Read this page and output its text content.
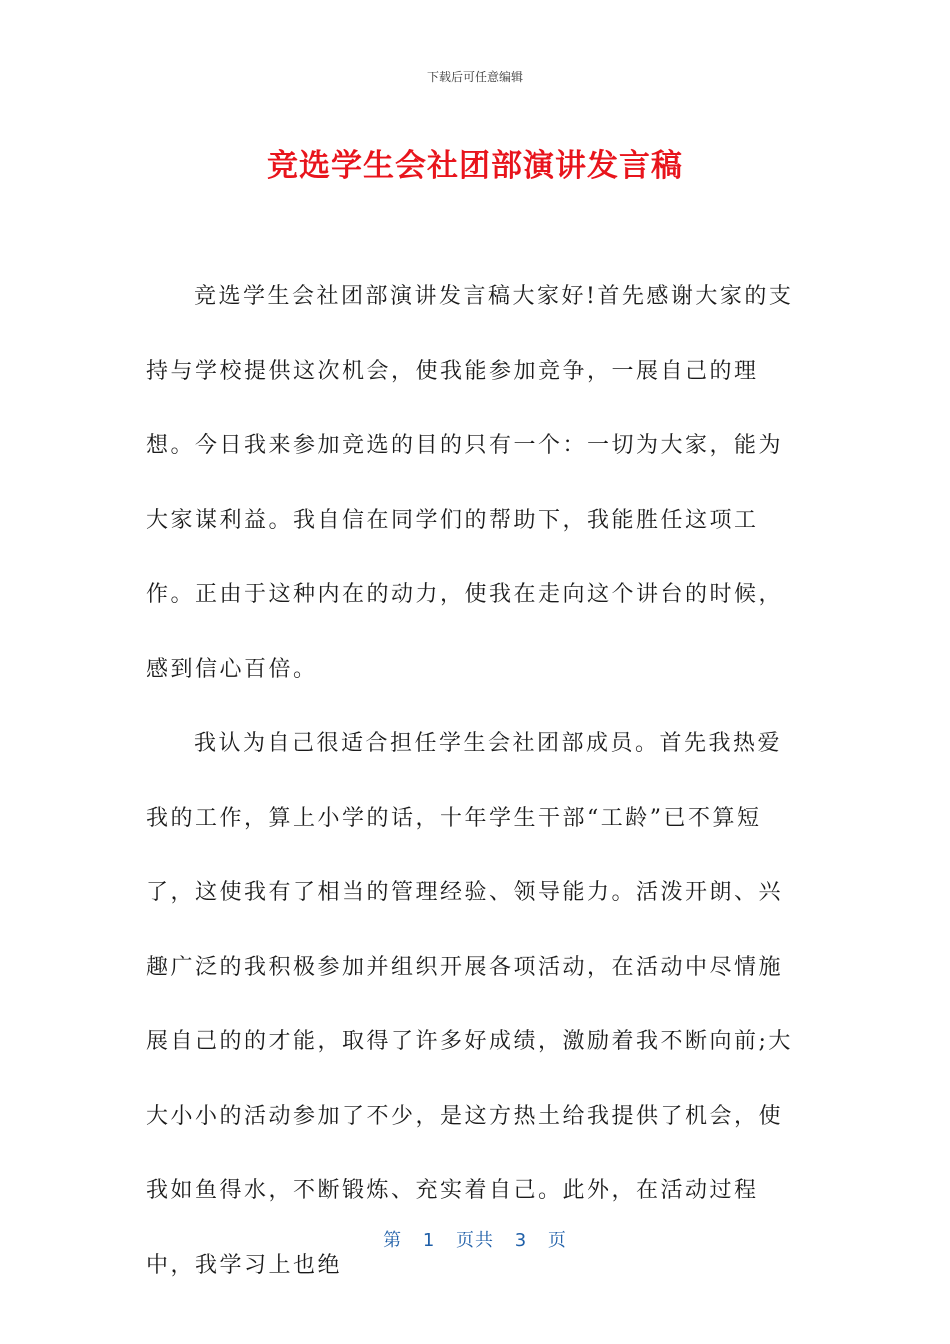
下载后可任意编辑
竞选学生会社团部演讲发言稿

竞选学生会社团部演讲发言稿大家好!首先感谢大家的支持与学校提供这次机会，使我能参加竞争，一展自己的理想。今日我来参加竞选的目的只有一个：一切为大家，能为大家谋利益。我自信在同学们的帮助下，我能胜任这项工作。正由于这种内在的动力，使我在走向这个讲台的时候，感到信心百倍。

我认为自己很适合担任学生会社团部成员。首先我热爱我的工作，算上小学的话，十年学生干部“工龄”已不算短了，这使我有了相当的管理经验、领导能力。活泼开朗、兴趣广泛的我积极参加并组织开展各项活动，在活动中尽情施展自己的的才能，取得了许多好成绩，激励着我不断向前;大大小小的活动参加了不少，是这方热土给我提供了机会，使我如鱼得水，不断锻炼、充实着自己。此外，在活动过程中，我学习上也绝

第 1 页共 3 页
